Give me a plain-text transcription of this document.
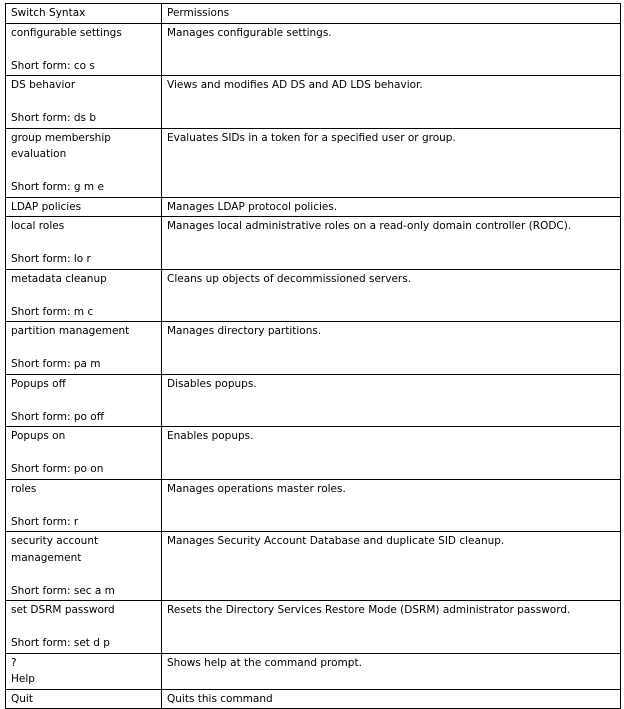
Switch Syntax	Permissions

configurable settings
Short form: co s	Manages configurable settings.

DS behavior
Short form: ds b	Views and modifies AD DS and AD LDS behavior.

group membership evaluation
Short form: g m e	Evaluates SIDs in a token for a specified user or group.

LDAP policies	Manages LDAP protocol policies.

local roles
Short form: lo r	Manages local administrative roles on a read-only domain controller (RODC).

metadata cleanup
Short form: m c	Cleans up objects of decommissioned servers.

partition management
Short form: pa m	Manages directory partitions.

Popups off
Short form: po off	Disables popups.

Popups on
Short form: po on	Enables popups.

roles
Short form: r	Manages operations master roles.

security account management
Short form: sec a m	Manages Security Account Database and duplicate SID cleanup.

set DSRM password
Short form: set d p	Resets the Directory Services Restore Mode (DSRM) administrator password.

?
Help	Shows help at the command prompt.

Quit	Quits this command
